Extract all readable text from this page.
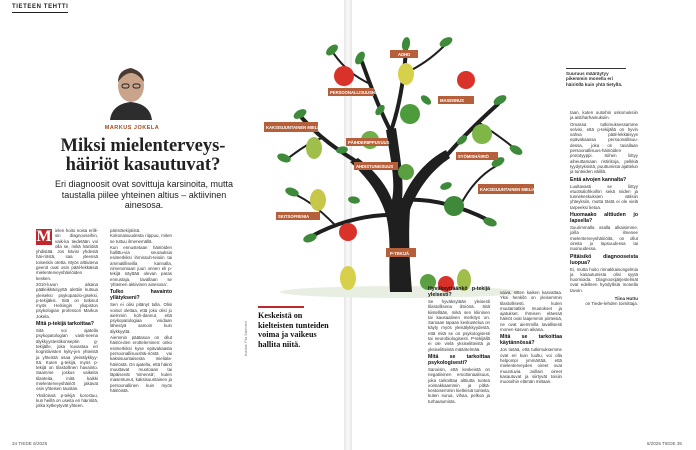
TIETEEN TEHTTI
MARKUS JOKELA
Miksi mielenterveys-häiriöt kasautuvat?
Eri diagnoosit ovat sovittuja karsinoita, mutta taustalla piilee yhteinen altius – aktiivinen ainesosa.

M ielen hoito noisa erilli-sin diagnooseihin, vaik-ka tiedetään voi olla se, mikä häiriöitä yhdistää. Jos kävisi yhdestä häi-riöstä, saa yleensä toiseskin otetta. Myös alttiutena geenit ovat osin pääl-lekkäisiä mielenterveyshäiriöiden kesken.

2010-luvun aikana pääleikkäisyyttä alettiin kutsua yleiseksi psykopatolo-giseksi, p-tekijäksi. Sitä on tutkinut myös Helsingin yliopiston psykologian professori Markus Jokela.

Mitä p-tekijä tarkoittaa?

Sitä voi ajatella psykopatologian vasti-neena älykkyystestikonseptin g-tekijälle, joka kuvastaa eri kognitiivisten kyky-jen yhteistä ja yhteistä osaa yleisälykkyy-ttä. Kuten g-tekijä, myös p-tekijä on tilastollinen havainto. Saamme joskus vaikeita tilanteita, mitä kaikki mielenterveyshäiriöt jakavat osin yhteisen taustan.

Yksilöissä p-tekijä korostuu, kun heillä on useita eri häiriöitä, jotka kytkeytyvät yhteen.

päristöekijöistä. Kokonaisuudesta riippuu, miten se tuttuu ilmenemällä.

Kun ennustetaan häiriöiden hallittu-via seurauksia esimerkiksi ihmissuh-teisiin tai ammatilliseilla kannalla, nimenomaan juuri onnen eli p-tekijä näyttää olevan paras ennustaja, tavallaan se 'yhteinen aktiivinen ainesosa'.

Tulko havainto yllätykseni?

Sen ei olisi pitänyt tulla. Olisi voinut olettaa, että joku olisi jo aiemmin koh-dannut, että psykopatologiaa voidaan lähestyä samoin kuin älykkyyttä.

Aiemmin päätasoa on ollut häiriöi-den erotteleminen: onko esimerkiksi kyse epävakaasta persoonallisuushäi-riöstä vai kaksisuuntaisesta mieliala-häiriöstä. On ajateltu, että häiriö muuttavat muotoaan tai läpäisevät 'nimensä', kuten masentunut, kaksisuuntainen ja persoonallinen kuin myös häiriöistä.

Keskeistä on kielteisten tunteiden voima ja vaikeus hallita niitä.
Kuvitus: Piia Salminen
34 TIEDE 6/2025
KAKSISUUNTAINEN MIELIALAHÄIRIÖ
PERSOONALLISUUSHÄIRIÖ
ADHD
MASENNUS
AHDISTUNEISUUS
SYÖMISHÄIRIÖ
KAKSISUUNTAINEN MIELIALAHÄIRIÖT
SKITSOFRENIA
PÄIHDERIIPPUVUUS
P-TEKIJÄ
Suuruus määräytyy pikemmin monella eri häiriöllä kuin yhtä tietyllä.
Hyväksyttäänkö p-tekijä yleisesti?

Se hyväksytään yleisesti tilastollisena ilmiönä. Sitä kiistellään, mikä sen kliininen tai kausaalinen merkitys on. Samaan tapaan keskustelua on käyty myös yleisälykkyydestä, että mitä se on psykologisesti tai neurobiologisesti. P-tekijällä ei ole vielä yksiselitteistä ja yksiselitteistä määritelmää.

Mitä se tarkoittaa psykologisesti?

Sanoisin, että keskeistä on negatiivinen emotionaalisuus, joka tarkoittaa alttiutta tuntea voimakkaammin ja pitkä-kestoisemmin kielteisiä tunteita, kuten surua, vihaa, pelkoa ja turhautumista.

vaiva, sitten kaiken kasvattaa. Yksi henkilö on yleisemmin tilastollisesti, kuten muutamatkin muutokset ja ajatukset. Ihmisen eläessä häiriöt ovat laajemmin piirteisiä, ne ovat aiemmilla tavallisesti monen kasvun aikana.

Mitä se tarkoittaa käytännössä?

Jos tietää, että tutkimuksemme ovat eri kuin luultu, voi olla helpompi ymmärtää, että mielenterveyden oireet ovat muuntuvia. Joillain oireet kasautuvat ja siirtyvät toisiin muotoihin elämän mittaan.

taan, kuten outoihin uskomuksiin ja aistiharhamuksiin.

Omassa tutkimuksessamme selvisi, että p-tekijällä on hyvin vahva pääl-lekkäisyys epävakaassa persoonallisuu-dessa, joka on tavallaan persoonallisuus-häiriöiden prototyyppi. Siihen liittyy aiheuttamaan ristiriitoja, pelkkiä tyydytyksistä, puuttumista ajattelun ja tunteiden välillä.

Entä aivojen kannalta?

Luultavasti se liittyy etuotsalohkoihin sekä niiden ja tunnekeskuksien välisiin yhteyksiin, mutta tästä ei ole vielä tarpeeksi tietoa.

Huomaako alttiuden jo lapsella?

Suurimmalla osalla alkaisimme, joilla ilmenee mielenterveyshäiriöitä, on ollut oireita jo lapsuudessa tai nuoruudessa.

Pitäisikö diagnooseista luopua?

Ei, mutta hoito rinnakkaisongelmia ja kasautumista olisi syytä huomioida. Diagnoosijärjestelmät ovat edelleen hyödyllisiä monella tavoin.

Tiina Huttu
on Tiede-lehden toimittaja.
6/2025 TIEDE 35
